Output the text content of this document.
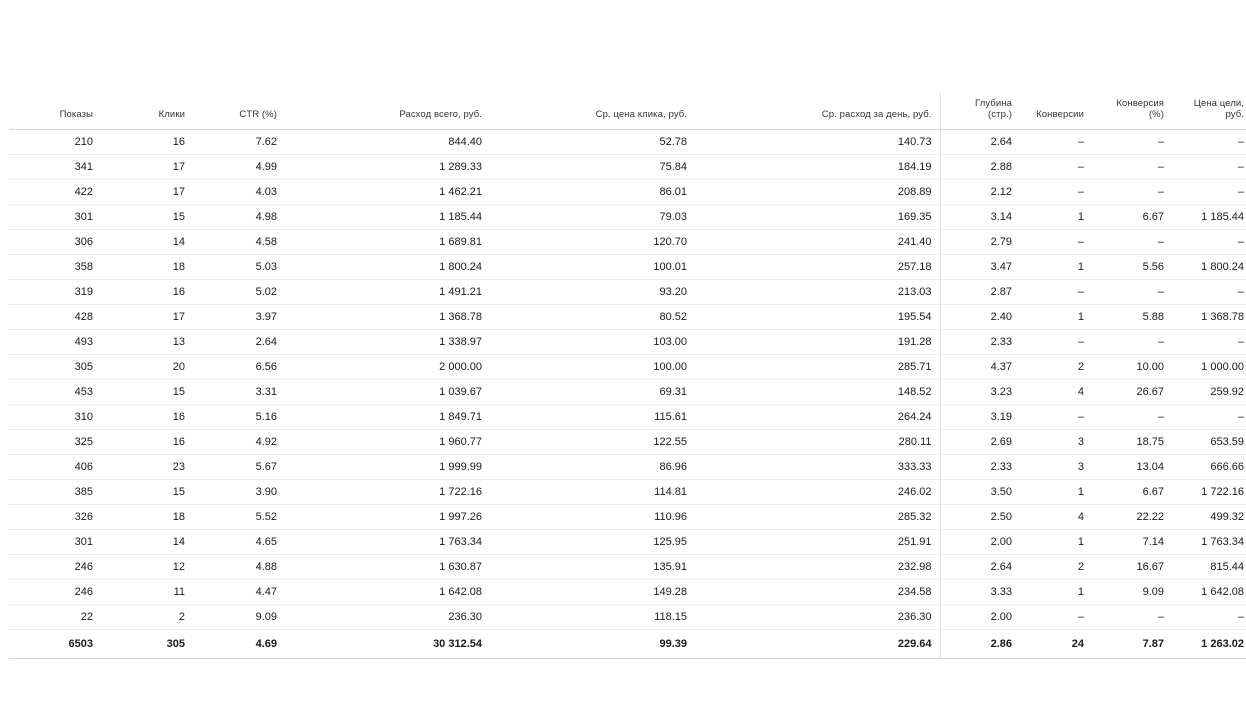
Показы	Клики	CTR (%)	Расход всего, руб.	Ср. цена клика, руб.	Ср. расход за день, руб.	Глубина (стр.)	Конверсии	Конверсия (%)	Цена цели, руб.
210	16	7.62	844.40	52.78	140.73	2.64	–	–	–
341	17	4.99	1 289.33	75.84	184.19	2.88	–	–	–
422	17	4.03	1 462.21	86.01	208.89	2.12	–	–	–
301	15	4.98	1 185.44	79.03	169.35	3.14	1	6.67	1 185.44
306	14	4.58	1 689.81	120.70	241.40	2.79	–	–	–
358	18	5.03	1 800.24	100.01	257.18	3.47	1	5.56	1 800.24
319	16	5.02	1 491.21	93.20	213.03	2.87	–	–	–
428	17	3.97	1 368.78	80.52	195.54	2.40	1	5.88	1 368.78
493	13	2.64	1 338.97	103.00	191.28	2.33	–	–	–
305	20	6.56	2 000.00	100.00	285.71	4.37	2	10.00	1 000.00
453	15	3.31	1 039.67	69.31	148.52	3.23	4	26.67	259.92
310	16	5.16	1 849.71	115.61	264.24	3.19	–	–	–
325	16	4.92	1 960.77	122.55	280.11	2.69	3	18.75	653.59
406	23	5.67	1 999.99	86.96	333.33	2.33	3	13.04	666.66
385	15	3.90	1 722.16	114.81	246.02	3.50	1	6.67	1 722.16
326	18	5.52	1 997.26	110.96	285.32	2.50	4	22.22	499.32
301	14	4.65	1 763.34	125.95	251.91	2.00	1	7.14	1 763.34
246	12	4.88	1 630.87	135.91	232.98	2.64	2	16.67	815.44
246	11	4.47	1 642.08	149.28	234.58	3.33	1	9.09	1 642.08
22	2	9.09	236.30	118.15	236.30	2.00	–	–	–
6503	305	4.69	30 312.54	99.39	229.64	2.86	24	7.87	1 263.02
